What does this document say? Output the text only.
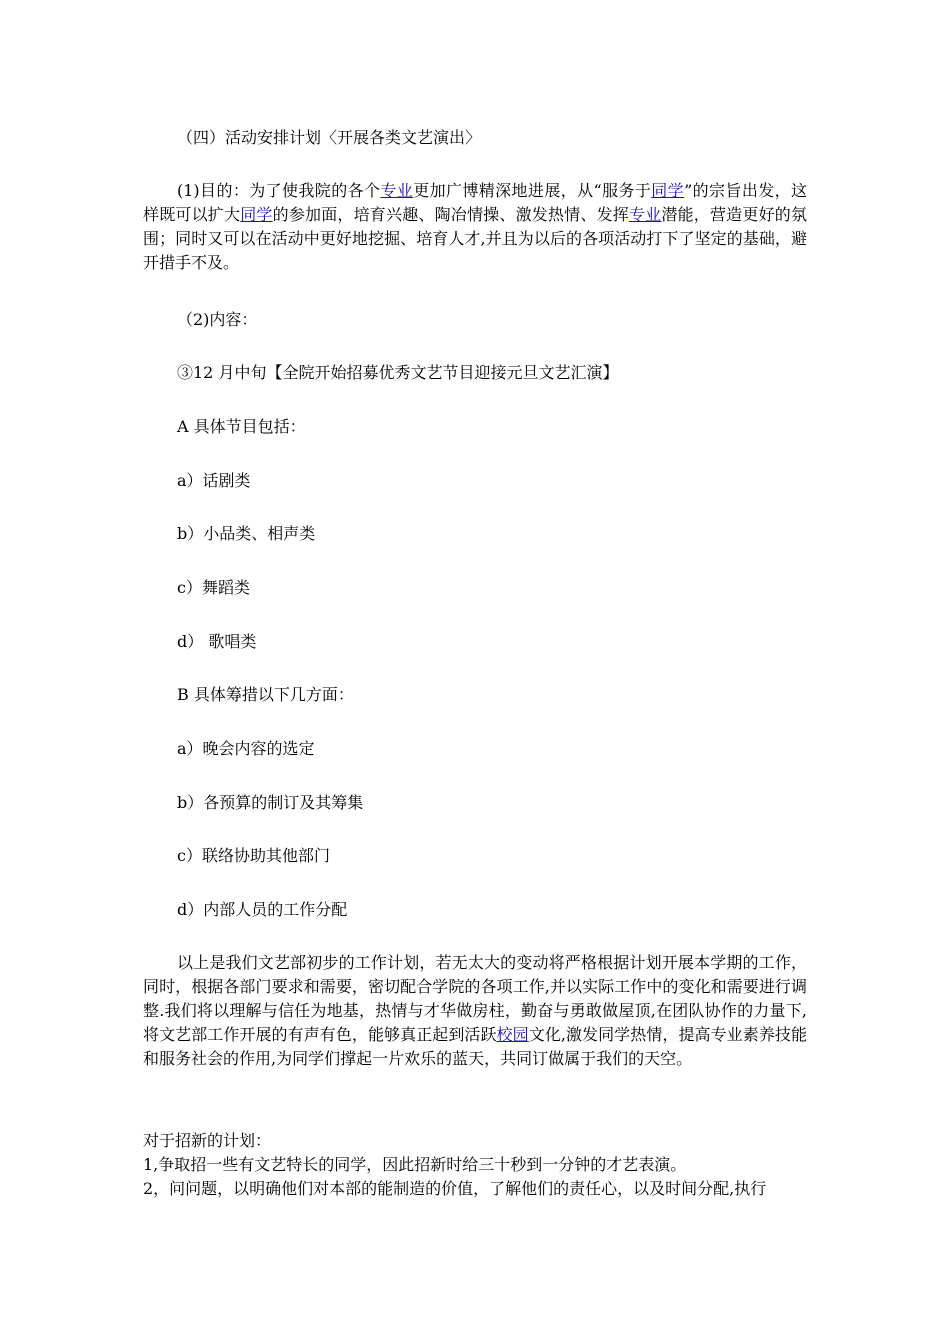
（四）活动安排计划〈开展各类文艺演出〉
(1)目的：为了使我院的各个专业更加广博精深地进展，从“服务于同学”的宗旨出发，这样既可以扩大同学的参加面，培育兴趣、陶冶情操、激发热情、发挥专业潜能，营造更好的氛围；同时又可以在活动中更好地挖掘、培育人才,并且为以后的各项活动打下了坚定的基础，避开措手不及。
（2)内容：
③12 月中旬【全院开始招募优秀文艺节目迎接元旦文艺汇演】
A 具体节目包括：
a）话剧类
b）小品类、相声类
c）舞蹈类
d） 歌唱类
B 具体筹措以下几方面：
a）晚会内容的选定
b）各预算的制订及其筹集
c）联络协助其他部门
d）内部人员的工作分配
以上是我们文艺部初步的工作计划，若无太大的变动将严格根据计划开展本学期的工作，同时，根据各部门要求和需要，密切配合学院的各项工作,并以实际工作中的变化和需要进行调整.我们将以理解与信任为地基，热情与才华做房柱，勤奋与勇敢做屋顶,在团队协作的力量下,将文艺部工作开展的有声有色，能够真正起到活跃校园文化,激发同学热情，提高专业素养技能和服务社会的作用,为同学们撑起一片欢乐的蓝天，共同订做属于我们的天空。
对于招新的计划：
1,争取招一些有文艺特长的同学，因此招新时给三十秒到一分钟的才艺表演。
2，问问题，以明确他们对本部的能制造的价值，了解他们的责任心，以及时间分配,执行
